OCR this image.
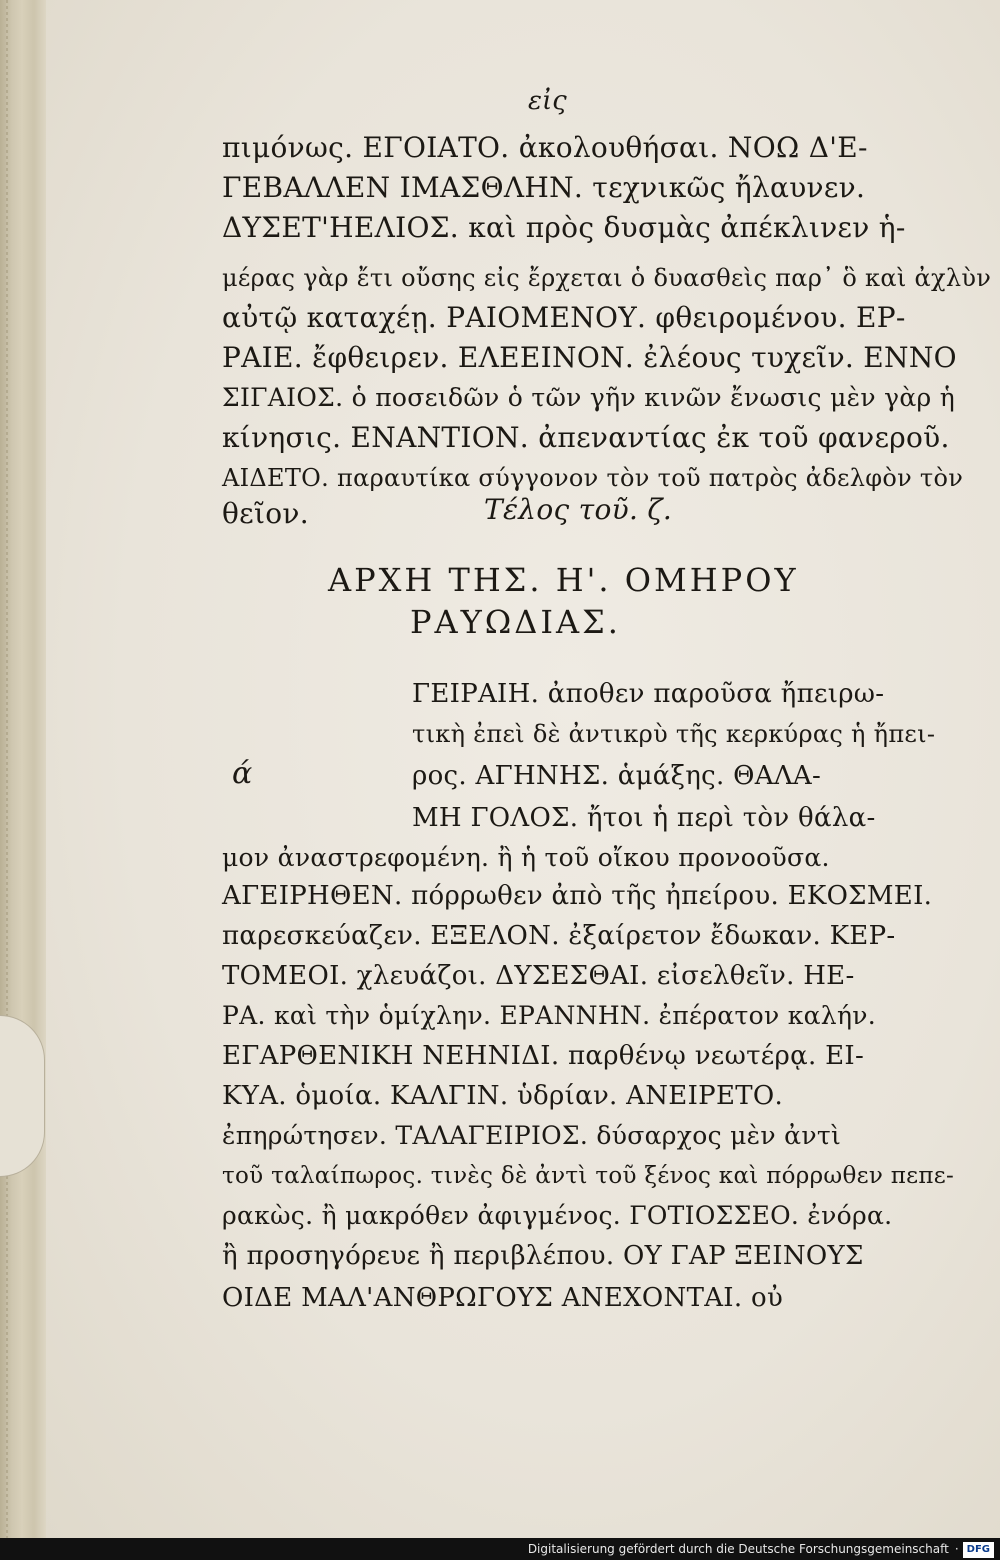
εἰς
πιμόνως. ΕΓΟΙΑΤΟ. ἀκολουθήσαι. ΝΟΩ Δ'Ε-
ΓΕΒΑΛΛΕΝ ΙΜΑΣΘΛΗΝ. τεχνικῶς ἤλαυνεν.
ΔΥΣΕΤ'ΗΕΛΙΟΣ. καὶ πρὸς δυσμὰς ἀπέκλινεν ἡ-
μέρας γὰρ ἔτι οὔσης εἰς ἔρχεται ὁ δυασθεὶς παρ᾽ ὃ καὶ ἀχλὺν
αὐτῷ καταχέῃ. ΡΑΙΟΜΕΝΟΥ. φθειρομένου. ΕΡ-
ΡΑΙΕ. ἔφθειρεν. ΕΛΕΕΙΝΟΝ. ἐλέους τυχεῖν. ΕΝΝΟ
ΣΙΓΑΙΟΣ. ὁ ποσειδῶν ὁ τῶν γῆν κινῶν ἔνωσις μὲν γὰρ ἡ
κίνησις. ΕΝΑΝΤΙΟΝ. ἀπεναντίας ἐκ τοῦ φανεροῦ.
ΑΙΔΕΤΟ. παραυτίκα σύγγονον τὸν τοῦ πατρὸς ἀδελφὸν τὸν
θεῖον.	Τέλος τοῦ. ζ.
ΑΡΧΗ ΤΗΣ. Η'. ΟΜΗΡΟΥ
ΡΑΥΩΔΙΑΣ.
ά
ΓΕΙΡΑΙΗ. ἀποθεν παροῦσα ἤπειρω-
τικὴ ἐπεὶ δὲ ἀντικρὺ τῆς κερκύρας ἡ ἤπει-
ρος. ΑΓΗΝΗΣ. ἁμάξης. ΘΑΛΑ-
ΜΗ ΓΟΛΟΣ. ἤτοι ἡ περὶ τὸν θάλα-
μον ἀναστρεφομένη. ἢ ἡ τοῦ οἴκου προνοοῦσα.
ΑΓΕΙΡΗΘΕΝ. πόρρωθεν ἀπὸ τῆς ἠπείρου. ΕΚΟΣΜΕΙ.
παρεσκεύαζεν. ΕΞΕΛΟΝ. ἐξαίρετον ἔδωκαν. ΚΕΡ-
ΤΟΜΕΟΙ. χλευάζοι. ΔΥΣΕΣΘΑΙ. εἰσελθεῖν. ΗΕ-
ΡΑ. καὶ τὴν ὁμίχλην. ΕΡΑΝΝΗΝ. ἐπέρατον καλήν.
ΕΓΑΡΘΕΝΙΚΗ ΝΕΗΝΙΔΙ. παρθένῳ νεωτέρᾳ. ΕΙ-
ΚΥΑ. ὁμοία. ΚΑΛΓΙΝ. ὑδρίαν. ΑΝΕΙΡΕΤΟ.
ἐπηρώτησεν. ΤΑΛΑΓΕΙΡΙΟΣ. δύσαρχος μὲν ἀντὶ
τοῦ ταλαίπωρος. τινὲς δὲ ἀντὶ τοῦ ξένος καὶ πόρρωθεν πεπε-
ρακὼς. ἢ μακρόθεν ἀφιγμένος. ΓΟΤΙΟΣΣΕΟ. ἐνόρα.
ἢ προσηγόρευε ἢ περιβλέπου. ΟΥ ΓΑΡ ΞΕΙΝΟΥΣ
ΟΙΔΕ ΜΑΛ'ΑΝΘΡΩΓΟΥΣ ΑΝΕΧΟΝΤΑΙ. οὐ
Digitalisierung gefördert durch die Deutsche Forschungsgemeinschaft · DFG
